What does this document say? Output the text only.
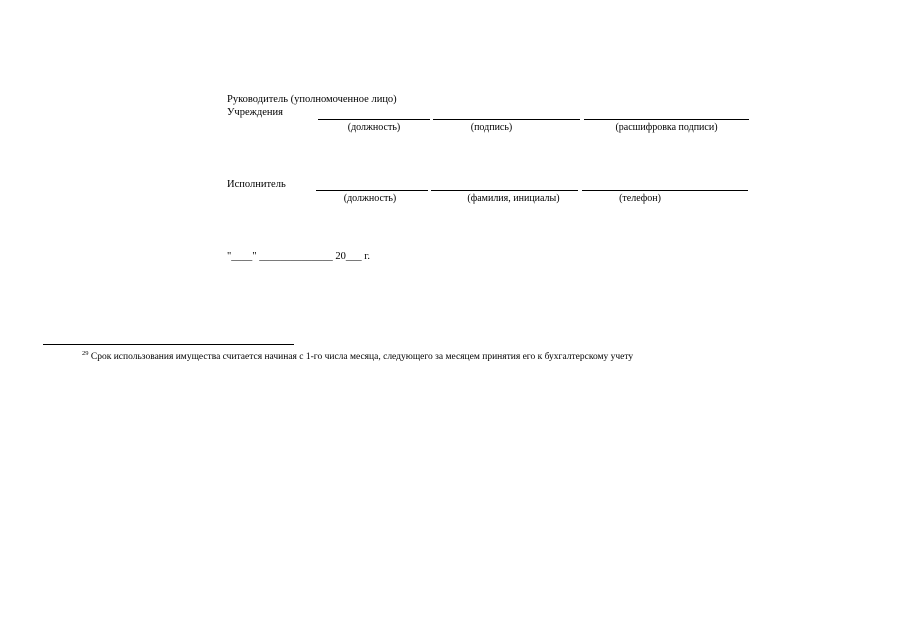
Руководитель (уполномоченное лицо)
Учреждения
(должность)	(подпись)	(расшифровка подписи)
Исполнитель
(должность)	(фамилия, инициалы)	(телефон)
"____" ______________ 20___ г.
$^{29}$ Срок использования имущества считается начиная с 1-го числа месяца, следующего за месяцем принятия его к бухгалтерскому учету
